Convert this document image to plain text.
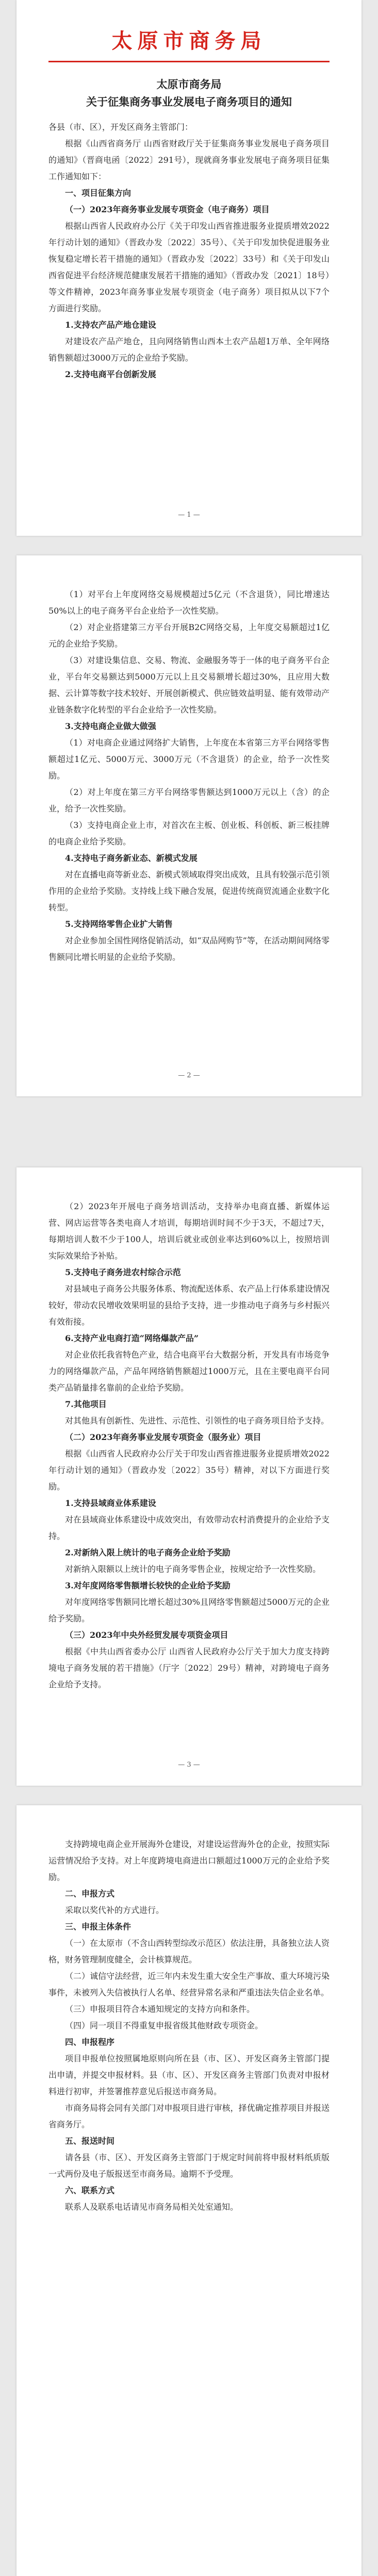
太原市商务局
太原市商务局
关于征集商务事业发展电子商务项目的通知

各县（市、区），开发区商务主管部门：

根据《山西省商务厅 山西省财政厅关于征集商务事业发展电子商务项目的通知》（晋商电函〔2022〕291号），现就商务事业发展电子商务项目征集工作通知如下：

一、项目征集方向

（一）2023年商务事业发展专项资金（电子商务）项目

根据山西省人民政府办公厅《关于印发山西省推进服务业提质增效2022年行动计划的通知》（晋政办发〔2022〕35号）、《关于印发加快促进服务业恢复稳定增长若干措施的通知》（晋政办发〔2022〕33号）和《关于印发山西省促进平台经济规范健康发展若干措施的通知》（晋政办发〔2021〕18号）等文件精神，2023年商务事业发展专项资金（电子商务）项目拟从以下7个方面进行奖励。

1.支持农产品产地仓建设

对建设农产品产地仓，且向网络销售山西本土农产品超1万单、全年网络销售额超过3000万元的企业给予奖励。

2.支持电商平台创新发展

— 1 —

（1）对平台上年度网络交易规模超过5亿元（不含退货），同比增速达50%以上的电子商务平台企业给予一次性奖励。

（2）对企业搭建第三方平台开展B2C网络交易，上年度交易额超过1亿元的企业给予奖励。

（3）对建设集信息、交易、物流、金融服务等于一体的电子商务平台企业，平台年交易额达到5000万元以上且交易额增长超过30%，且应用大数据、云计算等数字技术较好、开展创新模式、供应链效益明显、能有效带动产业链条数字化转型的平台企业给予一次性奖励。

3.支持电商企业做大做强

（1）对电商企业通过网络扩大销售，上年度在本省第三方平台网络零售额超过1亿元、5000万元、3000万元（不含退货）的企业，给予一次性奖励。

（2）对上年度在第三方平台网络零售额达到1000万元以上（含）的企业，给予一次性奖励。

（3）支持电商企业上市，对首次在主板、创业板、科创板、新三板挂牌的电商企业给予奖励。

4.支持电子商务新业态、新模式发展

对在直播电商等新业态、新模式领域取得突出成效，且具有较强示范引领作用的企业给予奖励。支持线上线下融合发展，促进传统商贸流通企业数字化转型。

5.支持网络零售企业扩大销售

对企业参加全国性网络促销活动，如“双品网购节”等，在活动期间网络零售额同比增长明显的企业给予奖励。

— 2 —

（2）2023年开展电子商务培训活动，支持举办电商直播、新媒体运营、网店运营等各类电商人才培训，每期培训时间不少于3天，不超过7天，每期培训人数不少于100人，培训后就业或创业率达到60%以上，按照培训实际效果给予补贴。

5.支持电子商务进农村综合示范

对县域电子商务公共服务体系、物流配送体系、农产品上行体系建设情况较好，带动农民增收效果明显的县给予支持，进一步推动电子商务与乡村振兴有效衔接。

6.支持产业电商打造“网络爆款产品”

对企业依托我省特色产业，结合电商平台大数据分析，开发具有市场竞争力的网络爆款产品，产品年网络销售额超过1000万元，且在主要电商平台同类产品销量排名靠前的企业给予奖励。

7.其他项目

对其他具有创新性、先进性、示范性、引领性的电子商务项目给予支持。

（二）2023年商务事业发展专项资金（服务业）项目

根据《山西省人民政府办公厅关于印发山西省推进服务业提质增效2022年行动计划的通知》（晋政办发〔2022〕35号）精神，对以下方面进行奖励。

1.支持县域商业体系建设

对在县域商业体系建设中成效突出，有效带动农村消费提升的企业给予支持。

2.对新纳入限上统计的电子商务企业给予奖励

对新纳入限额以上统计的电子商务零售企业，按规定给予一次性奖励。

3.对年度网络零售额增长较快的企业给予奖励

对年度网络零售额同比增长超过30%且网络零售额超过5000万元的企业给予奖励。

（三）2023年中央外经贸发展专项资金项目

根据《中共山西省委办公厅 山西省人民政府办公厅关于加大力度支持跨境电子商务发展的若干措施》（厅字〔2022〕29号）精神，对跨境电子商务企业给予支持。

— 3 —

支持跨境电商企业开展海外仓建设，对建设运营海外仓的企业，按照实际运营情况给予支持。对上年度跨境电商进出口额超过1000万元的企业给予奖励。

二、申报方式

采取以奖代补的方式进行。

三、申报主体条件

（一）在太原市（不含山西转型综改示范区）依法注册，具备独立法人资格，财务管理制度健全，会计核算规范。

（二）诚信守法经营，近三年内未发生重大安全生产事故、重大环境污染事件，未被列入失信被执行人名单、经营异常名录和严重违法失信企业名单。

（三）申报项目符合本通知规定的支持方向和条件。

（四）同一项目不得重复申报省级其他财政专项资金。

四、申报程序

项目申报单位按照属地原则向所在县（市、区）、开发区商务主管部门提出申请，并提交申报材料。县（市、区）、开发区商务主管部门负责对申报材料进行初审，并签署推荐意见后报送市商务局。

市商务局将会同有关部门对申报项目进行审核，择优确定推荐项目并报送省商务厅。

五、报送时间

请各县（市、区）、开发区商务主管部门于规定时间前将申报材料纸质版一式两份及电子版报送至市商务局。逾期不予受理。

六、联系方式

联系人及联系电话请见市商务局相关处室通知。
